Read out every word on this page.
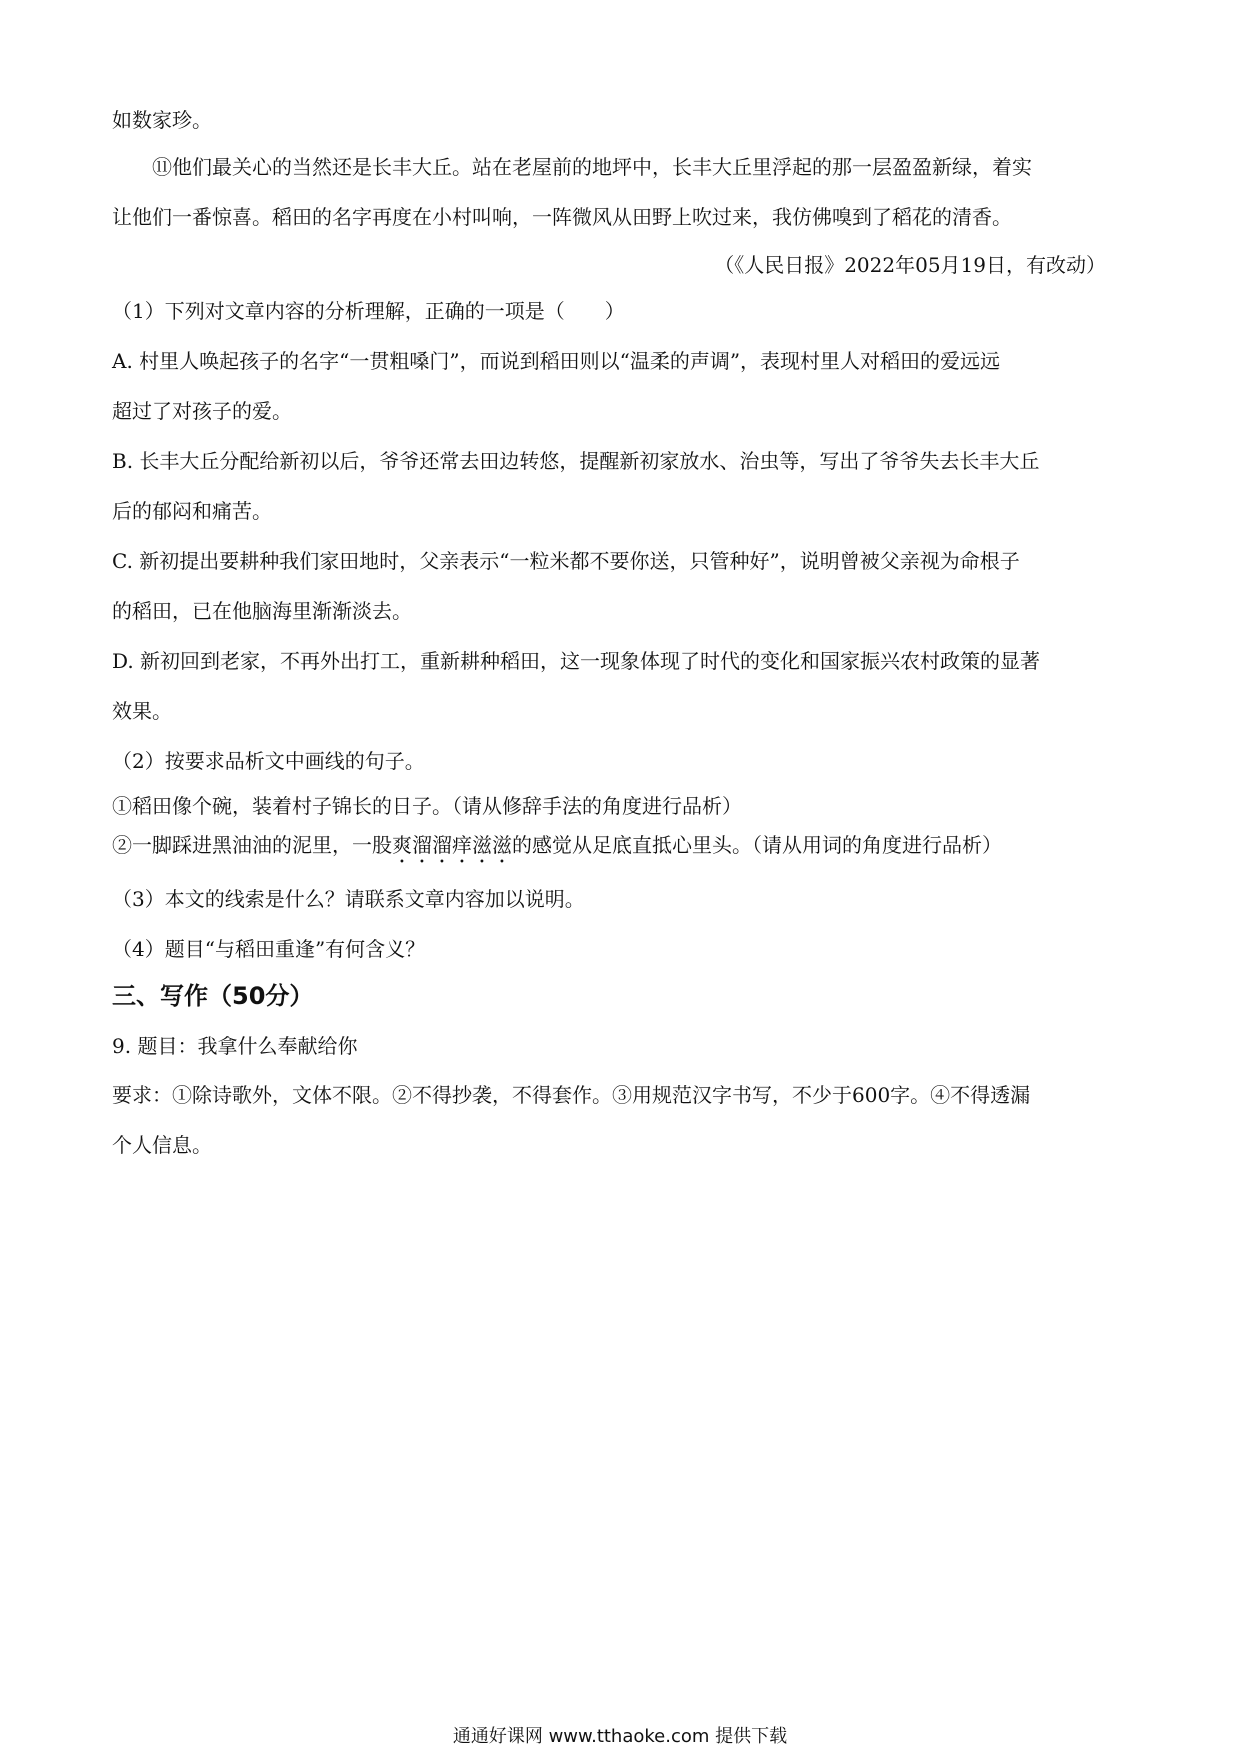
如数家珍。
⑪他们最关心的当然还是长丰大丘。站在老屋前的地坪中，长丰大丘里浮起的那一层盈盈新绿，着实
让他们一番惊喜。稻田的名字再度在小村叫响，一阵微风从田野上吹过来，我仿佛嗅到了稻花的清香。
（《人民日报》2022年05月19日，有改动）
（1）下列对文章内容的分析理解，正确的一项是（　　）
A. 村里人唤起孩子的名字“一贯粗嗓门”，而说到稻田则以“温柔的声调”，表现村里人对稻田的爱远远
超过了对孩子的爱。
B. 长丰大丘分配给新初以后，爷爷还常去田边转悠，提醒新初家放水、治虫等，写出了爷爷失去长丰大丘
后的郁闷和痛苦。
C. 新初提出要耕种我们家田地时，父亲表示“一粒米都不要你送，只管种好”，说明曾被父亲视为命根子
的稻田，已在他脑海里渐渐淡去。
D. 新初回到老家，不再外出打工，重新耕种稻田，这一现象体现了时代的变化和国家振兴农村政策的显著
效果。
（2）按要求品析文中画线的句子。
①稻田像个碗，装着村子锦长的日子。（请从修辞手法的角度进行品析）
②一脚踩进黑油油的泥里，一股爽溜溜痒滋滋的感觉从足底直抵心里头。（请从用词的角度进行品析）
（3）本文的线索是什么？请联系文章内容加以说明。
（4）题目“与稻田重逢”有何含义？
三、写作（50分）
9. 题目：我拿什么奉献给你
要求：①除诗歌外，文体不限。②不得抄袭，不得套作。③用规范汉字书写，不少于600字。④不得透漏
个人信息。
通通好课网 www.tthaoke.com 提供下载
